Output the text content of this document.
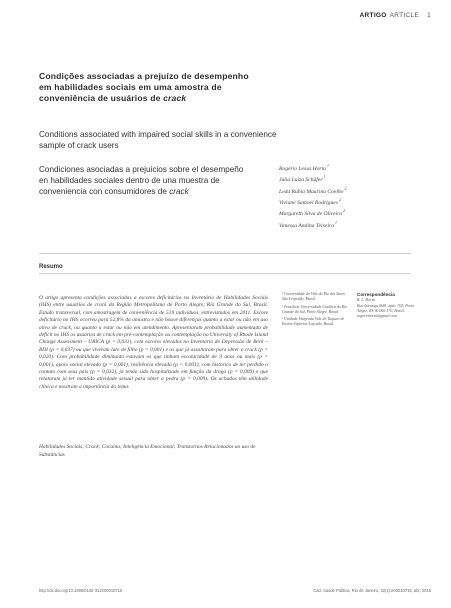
ARTIGO ARTICLE 1
Condições associadas a prejuízo de desempenho em habilidades sociais em uma amostra de conveniência de usuários de crack
Conditions associated with impaired social skills in a convenience sample of crack users
Condiciones asociadas a prejuicios sobre el desempeño en habilidades sociales dentro de una muestra de conveniencia con consumidores de crack
Rogério Lessa Horta$^1$
Júlia Luiza Schäfer$^1$
Leda Rúbia Maurina Coelho$^2$
Viviane Samoel Rodrigues$^2$
Margareth Silva de Oliveira$^2$
Vanessa Andina Teixeira$^1$
Resumo

O artigo apresenta condições associadas a escores deficitários no Inventário de Habilidades Sociais (IHS) entre usuários de crack da Região Metropolitana de Porto Alegre, Rio Grande do Sul, Brasil. Estudo transversal, com amostragem de conveniência de 519 indivíduos, entrevistados em 2011. Escore deficitário no IHS ocorreu para 52,8% da amostra e não houve diferenças quanto a estar ou não em uso ativo de crack, ou quanto a estar ou não em atendimento. Apresentaram probabilidade aumentada de déficit no IHS os usuários de crack em pré-contemplação ou contemplação no University of Rhode Island Change Assessment – URICA (p = 0,031), com escores elevados no Inventário de Depressão de Beck – BDI (p = 0,037) ou que viveram luto de filho (p = 0,001) e os que já assaltaram para obter o crack (p = 0,020). Com probabilidade diminuída estavam os que tinham escolaridade de 9 anos ou mais (p = 0,001), apoio social elevado (p = 0,001), resiliência elevada (p < 0,001), com histórico de ter perdido o contato com seus pais (p = 0,032), já tendo sido hospitalizado em função da droga (p = 0,009) e que relataram já ter mantido atividade sexual para obter a pedra (p = 0,009). Os achados têm utilidade clínica e mostram a importância do tema.

Habilidades Sociais; Crack; Cocaína; Inteligência Emocional; Transtornos Relacionados ao uso de Substâncias

¹ Universidade do Vale do Rio dos Sinos, São Leopoldo, Brasil.

² Pontifícia Universidade Católica do Rio Grande do Sul, Porto Alegre, Brasil.

³ Unidade Integrada Vale do Taquari de Ensino Superior, Lajeado, Brasil.

Correspondência
R. L. Horta
Rua Ipiranga 6681, apto. 703, Porto
Alegre, RS 90.000-170, Brasil.
rogeriohorta@gmail.com
http://dx.doi.org/10.1590/0102-311X00010715	Cad. Saúde Pública, Rio de Janeiro, 32(4):e00010715, abr, 2016
